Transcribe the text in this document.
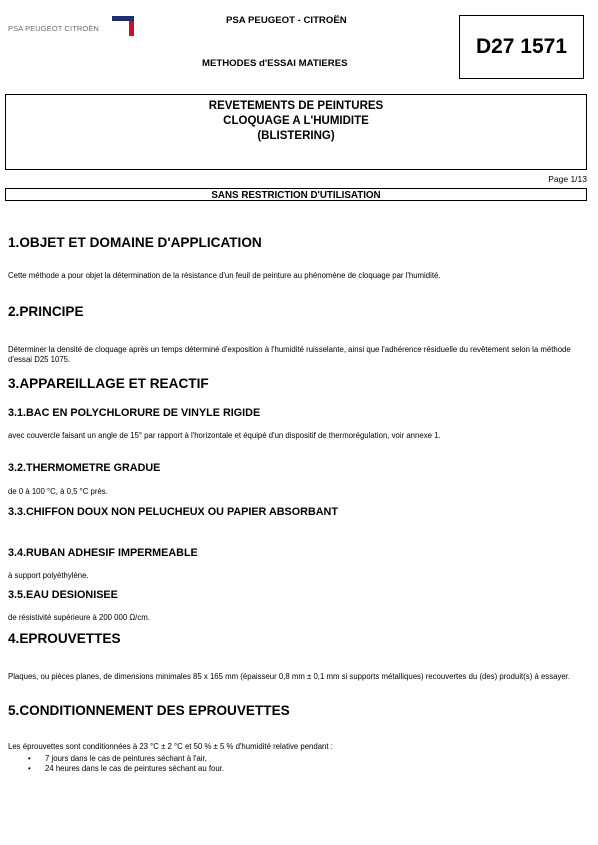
PSA PEUGEOT CITROËN
PSA PEUGEOT - CITROËN
METHODES d'ESSAI MATIERES
D27 1571
REVETEMENTS DE PEINTURES
CLOQUAGE A L'HUMIDITE
(BLISTERING)
Page 1/13
SANS RESTRICTION D'UTILISATION
1.OBJET ET DOMAINE D'APPLICATION
Cette méthode a pour objet la détermination de la résistance d'un feuil de peinture au phénomène de cloquage par l'humidité.
2.PRINCIPE
Déterminer la densité de cloquage après un temps déterminé d'exposition à l'humidité ruisselante, ainsi que l'adhérence résiduelle du revêtement selon la méthode d'essai D25 1075.
3.APPAREILLAGE ET REACTIF
3.1.BAC EN POLYCHLORURE DE VINYLE RIGIDE
avec couvercle faisant un angle de 15° par rapport à l'horizontale et équipé d'un dispositif de thermorégulation, voir annexe 1.
3.2.THERMOMETRE GRADUE
de 0 à 100 °C, à 0,5 °C près.
3.3.CHIFFON DOUX NON PELUCHEUX OU PAPIER ABSORBANT
3.4.RUBAN ADHESIF IMPERMEABLE
à support polyéthylène.
3.5.EAU DESIONISEE
de résistivité supérieure à 200 000 Ω/cm.
4.EPROUVETTES
Plaques, ou pièces planes, de dimensions minimales 85 x 165 mm (épaisseur 0,8 mm ± 0,1 mm si supports métalliques) recouvertes du (des) produit(s) à essayer.
5.CONDITIONNEMENT DES EPROUVETTES
Les éprouvettes sont conditionnées à 23 °C ± 2 °C et 50 % ± 5 % d'humidité relative pendant :
• 7 jours dans le cas de peintures séchant à l'air,
• 24 heures dans le cas de peintures séchant au four.
